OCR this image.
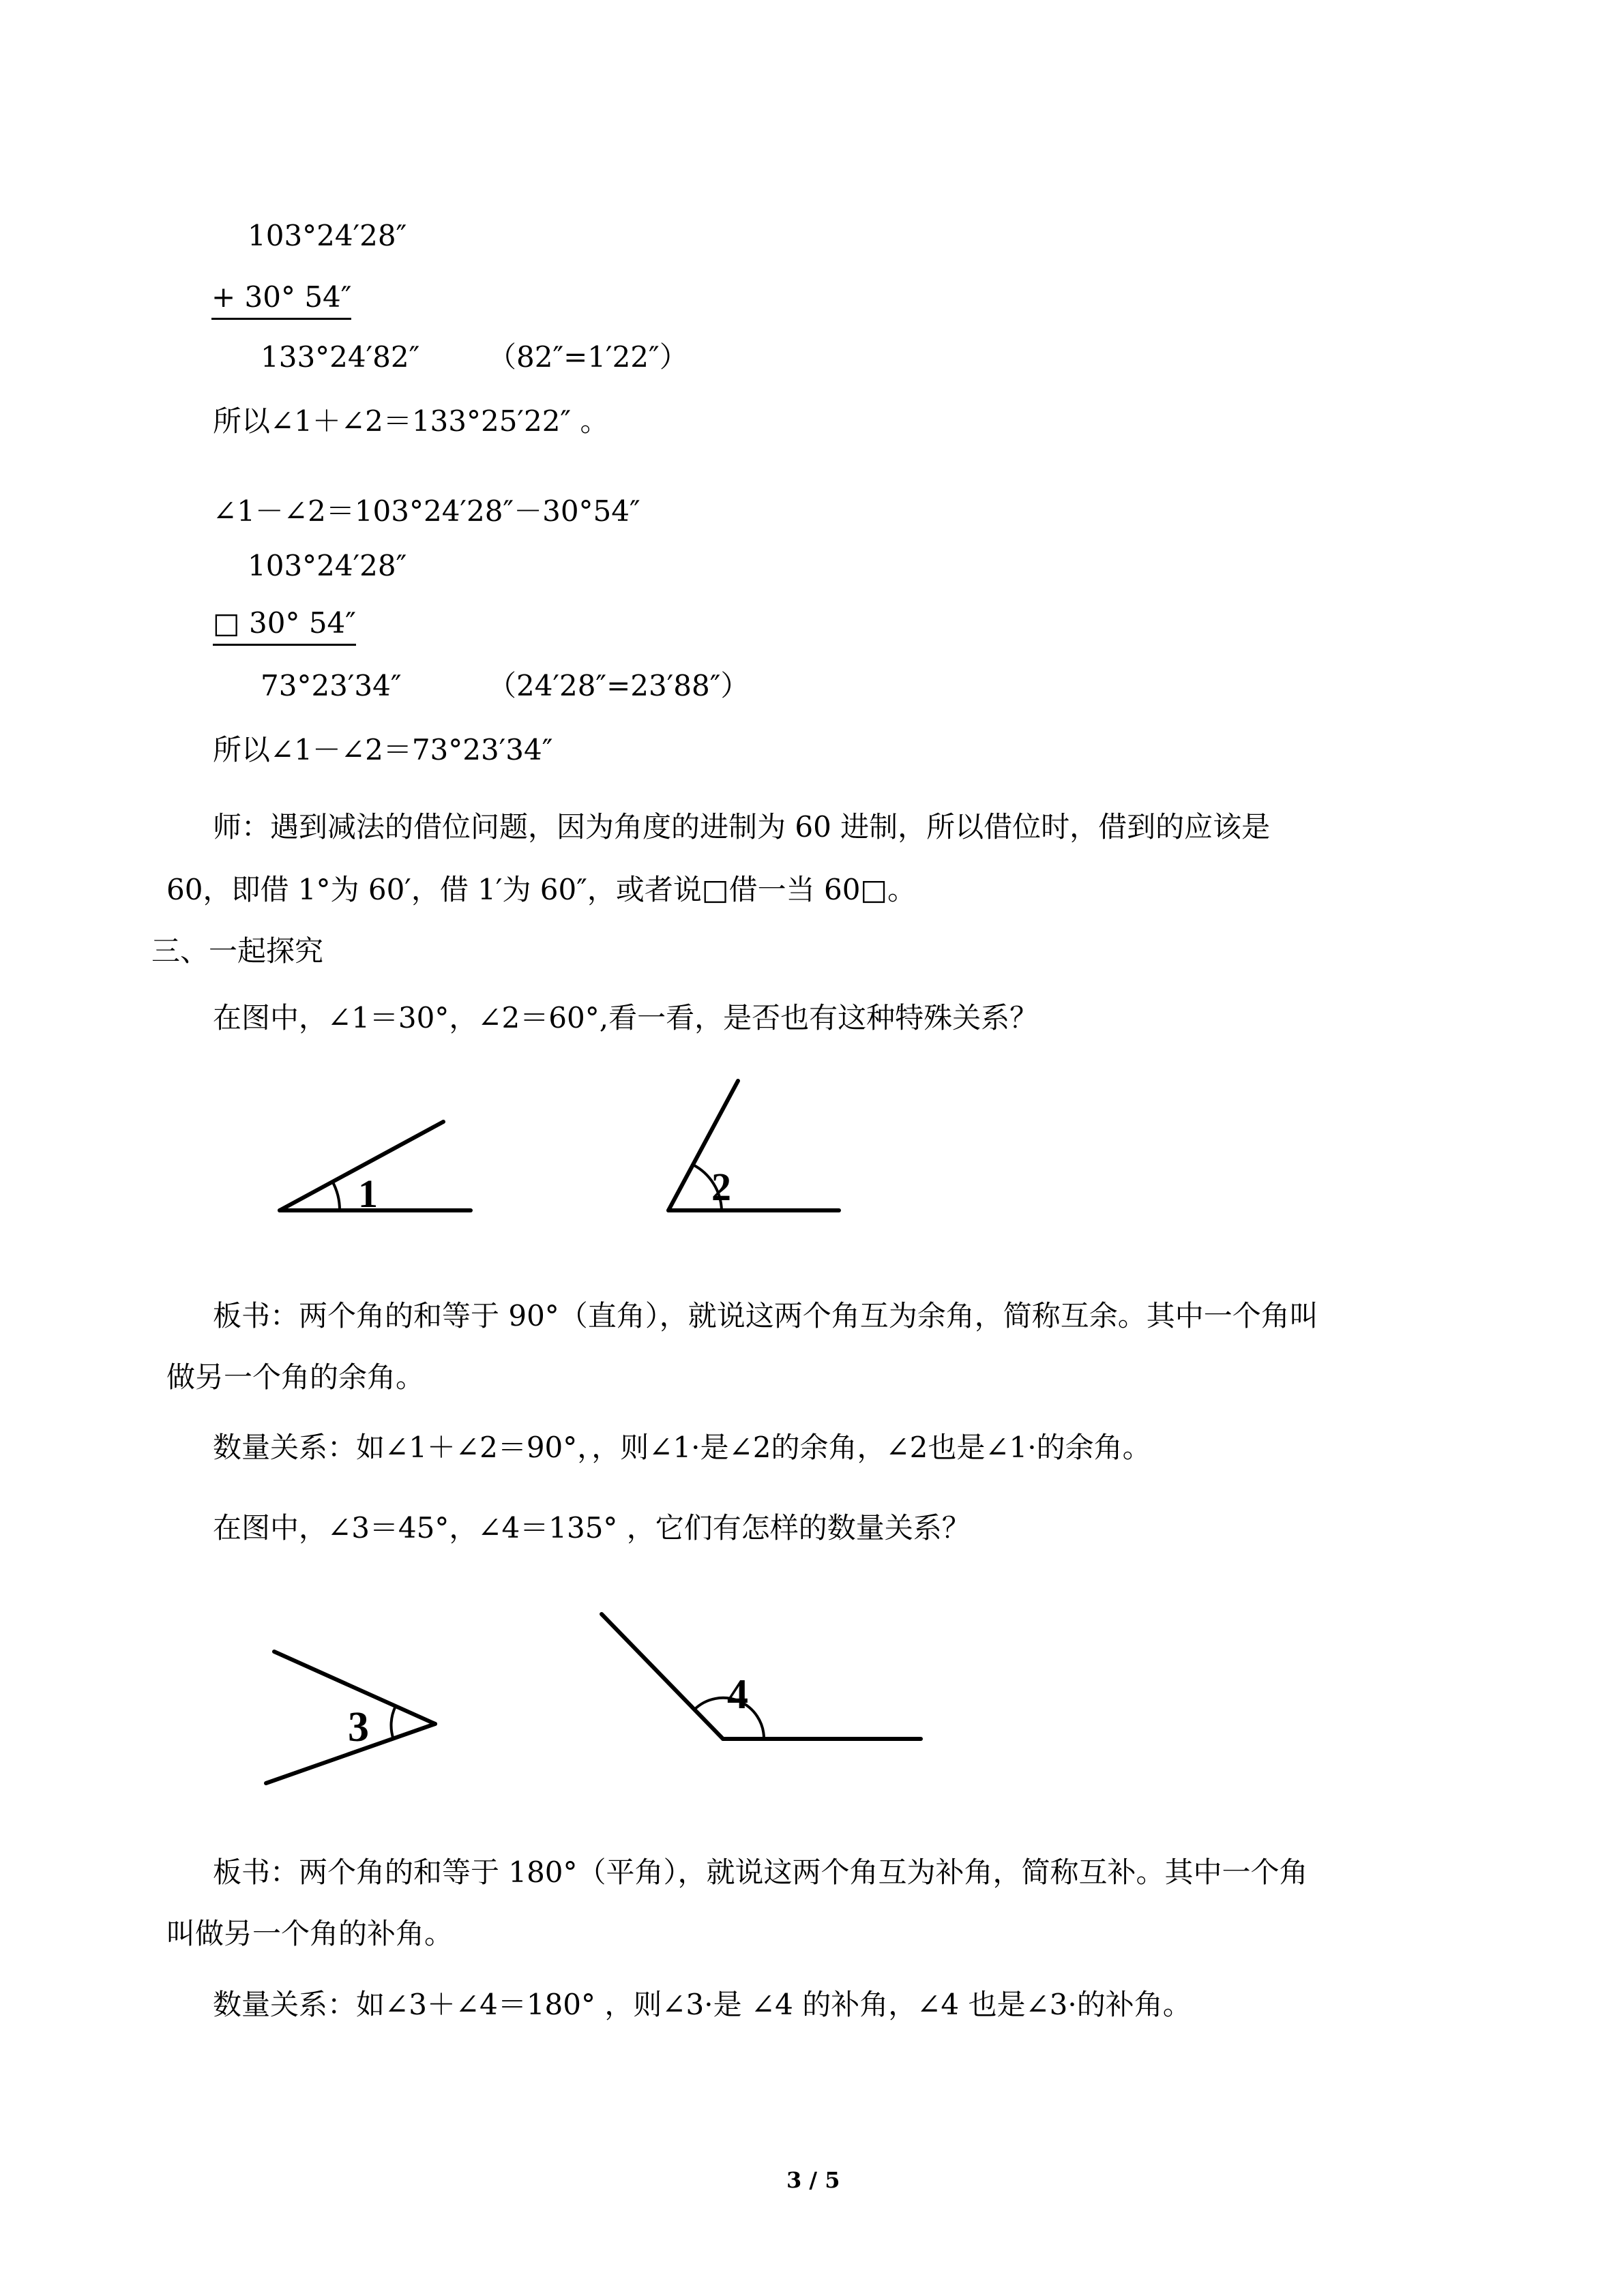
103°24′28″
+ 30° 54″
133°24′82″ （82″=1′22″）
所以∠1＋∠2＝133°25′22″ 。
∠1－∠2＝103°24′28″－30°54″
103°24′28″
□ 30° 54″
73°23′34″	（24′28″=23′88″）
所以∠1－∠2＝73°23′34″
师：遇到减法的借位问题，因为角度的进制为 60 进制，所以借位时，借到的应该是
60，即借 1°为 60′，借 1′为 60″，或者说□借一当 60□。
三、一起探究
在图中，∠1＝30°，∠2＝60°,看一看，是否也有这种特殊关系？
1	2
板书：两个角的和等于 90°（直角），就说这两个角互为余角，简称互余。其中一个角叫
做另一个角的余角。
数量关系：如∠1＋∠2＝90°，，则∠1·是∠2的余角，∠2也是∠1·的余角。
在图中，∠3＝45°，∠4＝135° ，它们有怎样的数量关系？
3
4
板书：两个角的和等于 180°（平角），就说这两个角互为补角，简称互补。其中一个角
叫做另一个角的补角。
数量关系：如∠3＋∠4＝180° ，则∠3·是 ∠4 的补角，∠4 也是∠3·的补角。
3 / 5
